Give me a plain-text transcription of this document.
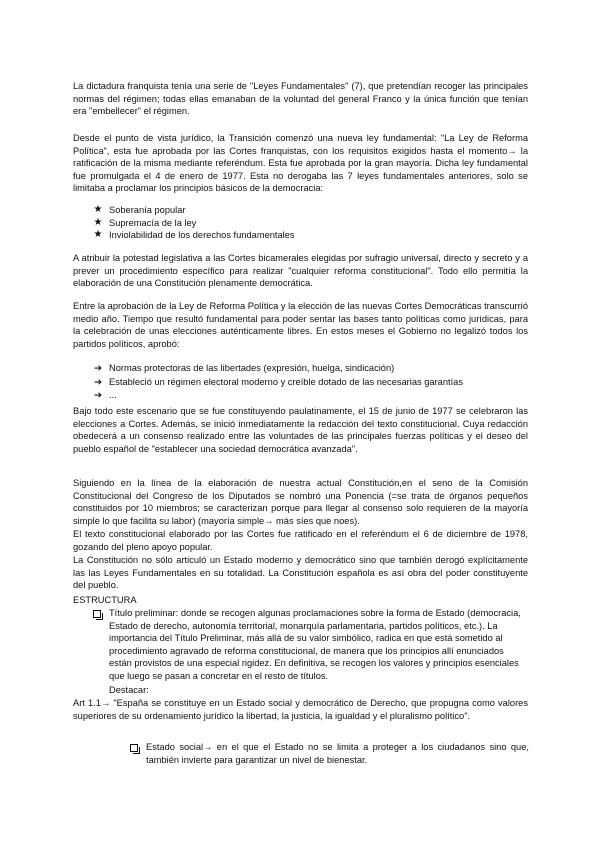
La dictadura franquista tenía una serie de "Leyes Fundamentales" (7), que pretendían recoger las principales normas del régimen; todas ellas emanaban de la voluntad del general Franco y la única función que tenían era "embellecer" el régimen.

Desde el punto de vista jurídico, la Transición comenzó una nueva ley fundamental: "La Ley de Reforma Política", esta fue aprobada por las Cortes franquistas, con los requisitos exigidos hasta el momento→ la ratificación de la misma mediante referéndum. Esta fue aprobada por la gran mayoría. Dicha ley fundamental fue promulgada el 4 de enero de 1977. Esta no derogaba las 7 leyes fundamentales anteriores, solo se limitaba a proclamar los principios básicos de la democracia:

★ Soberanía popular
★ Supremacía de la ley
★ Inviolabilidad de los derechos fundamentales

A atribuir la potestad legislativa a las Cortes bicamerales elegidas por sufragio universal, directo y secreto y a prever un procedimiento específico para realizar "cualquier reforma constitucional". Todo ello permitía la elaboración de una Constitución plenamente democrática.

Entre la aprobación de la Ley de Reforma Política y la elección de las nuevas Cortes Democráticas transcurrió medio año. Tiempo que resultó fundamental para poder sentar las bases tanto políticas como jurídicas, para la celebración de unas elecciones auténticamente libres. En estos meses el Gobierno no legalizó todos los partidos políticos, aprobó:

➔ Normas protectoras de las libertades (expresión, huelga, sindicación)
➔ Estableció un régimen electoral moderno y creíble dotado de las necesarias garantías
➔ ...

Bajo todo este escenario que se fue constituyendo paulatinamente, el 15 de junio de 1977 se celebraron las elecciones a Cortes. Además, se inició inmediatamente la redacción del texto constitucional. Cuya redacción obedecerá a un consenso realizado entre las voluntades de las principales fuerzas políticas y el deseo del pueblo español de "establecer una sociedad democrática avanzada".

Siguiendo en la línea de la elaboración de nuestra actual Constitución,en el seno de la Comisión Constitucional del Congreso de los Diputados se nombró una Ponencia (=se trata de órganos pequeños constituidos por 10 miembros; se caracterizan porque para llegar al consenso solo requieren de la mayoría simple lo que facilita su labor) (mayoría simple→ más síes que noes).

El texto constitucional elaborado por las Cortes fue ratificado en el referéndum el 6 de diciembre de 1978, gozando del pleno apoyo popular.

La Constitución no sólo articuló un Estado moderno y democrático sino que también derogó explícitamente las las Leyes Fundamentales en su totalidad. La Constitución española es así obra del poder constituyente del pueblo.

ESTRUCTURA

Título preliminar: donde se recogen algunas proclamaciones sobre la forma de Estado (democracia, Estado de derecho, autonomía territorial, monarquía parlamentaria, partidos políticos, etc.). La importancia del Título Preliminar, más allá de su valor simbólico, radica en que está sometido al procedimiento agravado de reforma constitucional, de manera que los principios allí enunciados están provistos de una especial rigidez. En definitiva, se recogen los valores y principios esenciales que luego se pasan a concretar en el resto de títulos.

Destacar:

Art 1.1→ "España se constituye en un Estado social y democrático de Derecho, que propugna como valores superiores de su ordenamiento jurídico la libertad, la justicia, la igualdad y el pluralismo político".

Estado social→ en el que el Estado no se limita a proteger a los ciudadanos sino que, también invierte para garantizar un nivel de bienestar.
